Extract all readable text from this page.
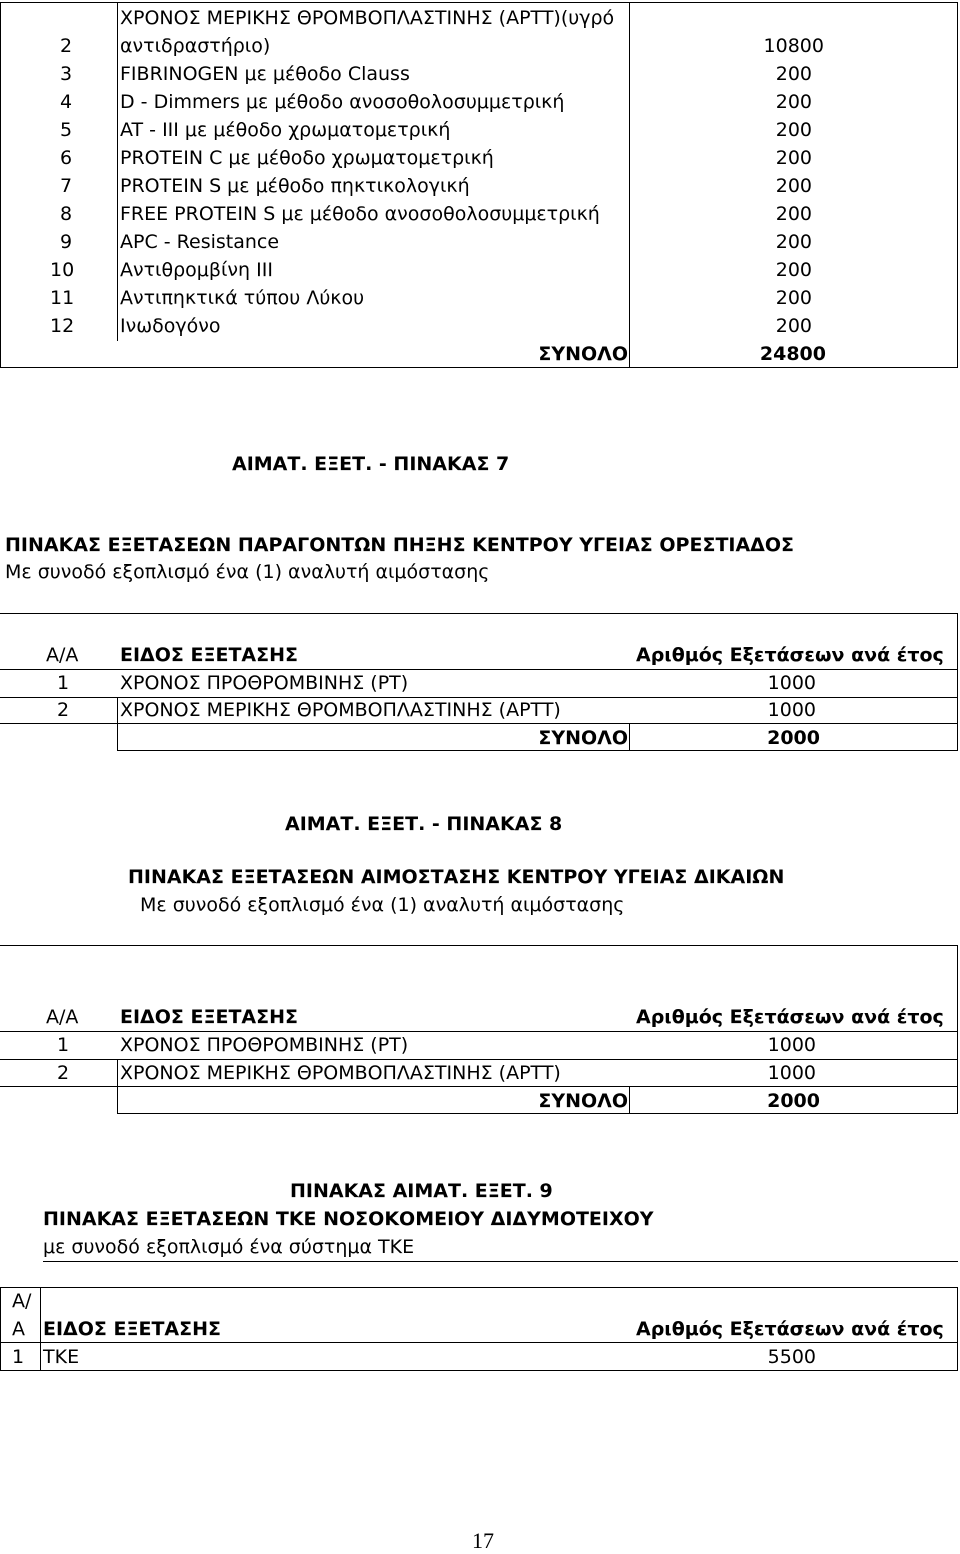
2
ΧΡΟΝΟΣ ΜΕΡΙΚΗΣ ΘΡΟΜΒΟΠΛΑΣΤΙΝΗΣ (APTT)(υγρό
αντιδραστήριο)	10800
3	FIBRINOGEN με μέθοδο Clauss	200
4	D - Dimmers με μέθοδο ανοσοθολοσυμμετρική	200
5	AT - III με μέθοδο χρωματομετρική	200
6	PROTEIN C με μέθοδο χρωματομετρική	200
7	PROTEIN S με μέθοδο πηκτικολογική	200
8	FREE PROTEIN S με μέθοδο ανοσοθολοσυμμετρική	200
9	APC - Resistance	200
10 Αντιθρομβίνη ΙΙΙ	200
11 Αντιπηκτικά τύπου Λύκου	200
12 Ινωδογόνο	200
ΣΥΝΟΛΟ	24800
ΑΙΜΑΤ. ΕΞΕΤ. - ΠΙΝΑΚΑΣ 7
ΠΙΝΑΚΑΣ ΕΞΕΤΑΣΕΩΝ ΠΑΡΑΓΟΝΤΩΝ ΠΗΞΗΣ ΚΕΝΤΡΟΥ ΥΓΕΙΑΣ ΟΡΕΣΤΙΑΔΟΣ
Με συνοδό εξοπλισμό ένα (1) αναλυτή αιμόστασης
Α/Α ΕΙΔΟΣ ΕΞΕΤΑΣΗΣ	Αριθμός Εξετάσεων ανά έτος
1	ΧΡΟΝΟΣ ΠΡΟΘΡΟΜΒΙΝΗΣ (PT)	1000
2	ΧΡΟΝΟΣ ΜΕΡΙΚΗΣ ΘΡΟΜΒΟΠΛΑΣΤΙΝΗΣ (APTT)	1000
ΣΥΝΟΛΟ	2000
ΑΙΜΑΤ. ΕΞΕΤ. - ΠΙΝΑΚΑΣ 8
ΠΙΝΑΚΑΣ ΕΞΕΤΑΣΕΩΝ ΑΙΜΟΣΤΑΣΗΣ ΚΕΝΤΡΟΥ ΥΓΕΙΑΣ ΔΙΚΑΙΩΝ
Με συνοδό εξοπλισμό ένα (1) αναλυτή αιμόστασης
Α/Α ΕΙΔΟΣ ΕΞΕΤΑΣΗΣ	Αριθμός Εξετάσεων ανά έτος
1	ΧΡΟΝΟΣ ΠΡΟΘΡΟΜΒΙΝΗΣ (PT)	1000
2	ΧΡΟΝΟΣ ΜΕΡΙΚΗΣ ΘΡΟΜΒΟΠΛΑΣΤΙΝΗΣ (APTT)	1000
ΣΥΝΟΛΟ	2000
ΠΙΝΑΚΑΣ ΑΙΜΑΤ. ΕΞΕΤ. 9
ΠΙΝΑΚΑΣ ΕΞΕΤΑΣΕΩΝ ΤΚΕ ΝΟΣΟΚΟΜΕΙΟΥ ΔΙΔΥΜΟΤΕΙΧΟΥ
με συνοδό εξοπλισμό ένα σύστημα ΤΚΕ
Α/
Α ΕΙΔΟΣ ΕΞΕΤΑΣΗΣ	Αριθμός Εξετάσεων ανά έτος
1 ΤΚΕ	5500
17
